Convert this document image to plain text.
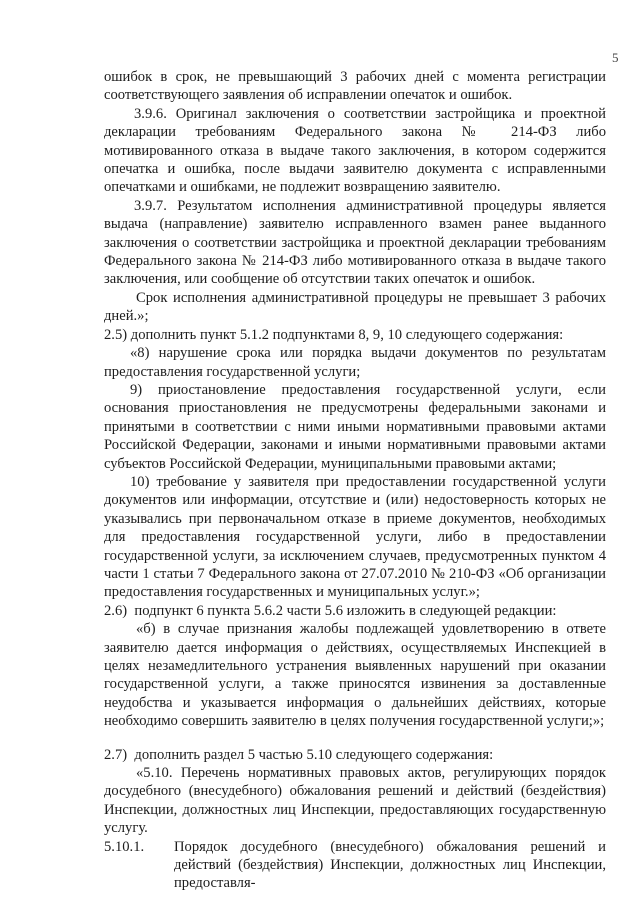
5

ошибок в срок, не превышающий 3 рабочих дней с момента регистрации соответствующего заявления об исправлении опечаток и ошибок.

3.9.6. Оригинал заключения о соответствии застройщика и проектной декларации требованиям Федерального закона № 214-ФЗ либо мотивированного отказа в выдаче такого заключения, в котором содержится опечатка и ошибка, после выдачи заявителю документа с исправленными опечатками и ошибками, не подлежит возвращению заявителю.

3.9.7. Результатом исполнения административной процедуры является выдача (направление) заявителю исправленного взамен ранее выданного заключения о соответствии застройщика и проектной декларации требованиям Федерального закона № 214-ФЗ либо мотивированного отказа в выдаче такого заключения, или сообщение об отсутствии таких опечаток и ошибок.

Срок исполнения административной процедуры не превышает 3 рабочих дней.»;

2.5)
дополнить пункт 5.1.2 подпунктами 8, 9, 10 следующего содержания:

«8) нарушение срока или порядка выдачи документов по результатам предоставления государственной услуги;

9) приостановление предоставления государственной услуги, если основания приостановления не предусмотрены федеральными законами и принятыми в соответствии с ними иными нормативными правовыми актами Российской Федерации, законами и иными нормативными правовыми актами субъектов Российской Федерации, муниципальными правовыми актами;

10) требование у заявителя при предоставлении государственной услуги документов или информации, отсутствие и (или) недостоверность которых не указывались при первоначальном отказе в приеме документов, необходимых для предоставления государственной услуги, либо в предоставлении государственной услуги, за исключением случаев, предусмотренных пунктом 4 части 1 статьи 7 Федерального закона от 27.07.2010 № 210-ФЗ «Об организации предоставления государственных и муниципальных услуг.»;

2.6)
подпункт 6 пункта 5.6.2 части 5.6 изложить в следующей редакции:

«б) в случае признания жалобы подлежащей удовлетворению в ответе заявителю дается информация о действиях, осуществляемых Инспекцией в целях незамедлительного устранения выявленных нарушений при оказании государственной услуги, а также приносятся извинения за доставленные неудобства и указывается информация о дальнейших действиях, которые необходимо совершить заявителю в целях получения государственной услуги;»;

2.7)
дополнить раздел 5 частью 5.10 следующего содержания:

«5.10. Перечень нормативных правовых актов, регулирующих порядок досудебного (внесудебного) обжалования решений и действий (бездействия) Инспекции, должностных лиц Инспекции, предоставляющих государственную услугу.

5.10.1.	Порядок досудебного (внесудебного) обжалования решений и действий (бездействия) Инспекции, должностных лиц Инспекции, предоставля-
